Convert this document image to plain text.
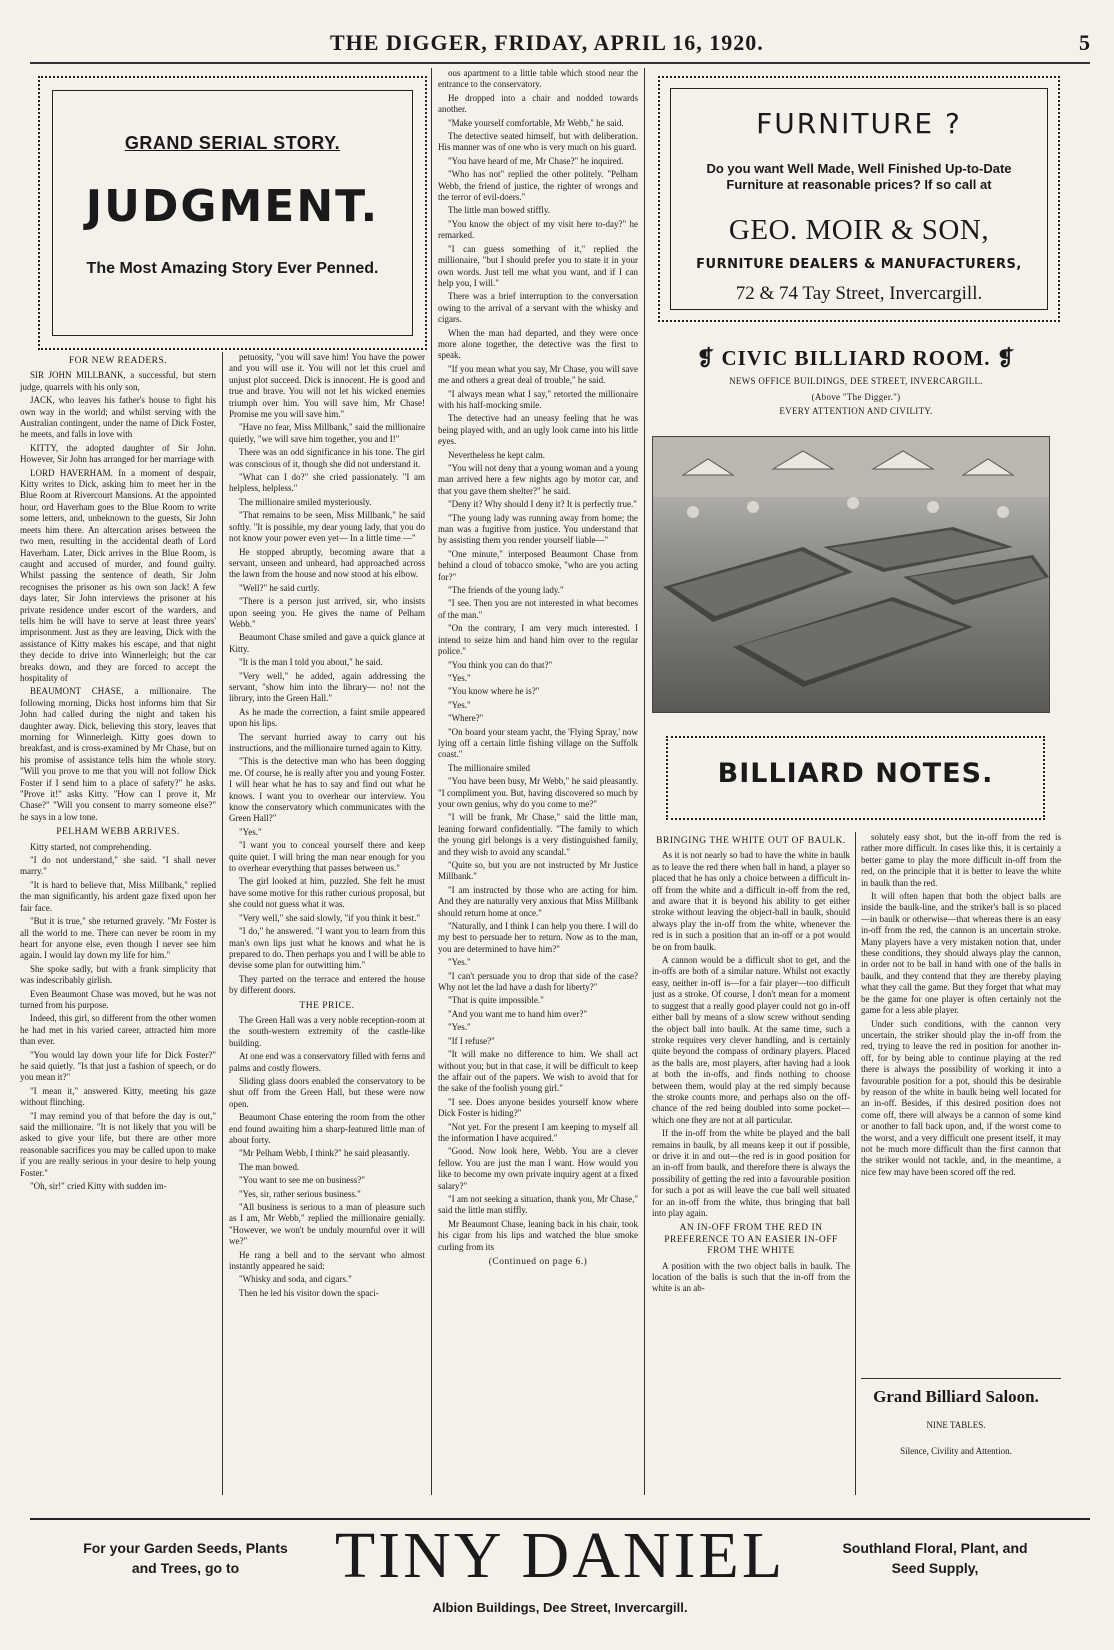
THE DIGGER, FRIDAY, APRIL 16, 1920.	5
GRAND SERIAL STORY.
JUDGMENT.
The Most Amazing Story Ever Penned.
FOR NEW READERS.

SIR JOHN MILLBANK, a successful, but stern judge, quarrels with his only son,

JACK, who leaves his father's house to fight his own way in the world; and whilst serving with the Australian contingent, under the name of Dick Foster, he meets, and falls in love with

KITTY, the adopted daughter of Sir John. However, Sir John has arranged for her marriage with

LORD HAVERHAM. In a moment of despair, Kitty writes to Dick, asking him to meet her in the Blue Room at Rivercourt Mansions. At the appointed hour, ord Haverham goes to the Blue Room to write some letters, and, unbeknown to the guests, Sir John meets him there. An altercation arises between the two men, resulting in the accidental death of Lord Haverham. Later, Dick arrives in the Blue Room, is caught and accused of murder, and found guilty. Whilst passing the sentence of death, Sir John recognises the prisoner as his own son Jack! A few days later, Sir John interviews the prisoner at his private residence under escort of the warders, and tells him he will have to serve at least three years' imprisonment. Just as they are leaving, Dick with the assistance of Kitty makes his escape, and that night they decide to drive into Winnerleigh; but the car breaks down, and they are forced to accept the hospitality of

BEAUMONT CHASE, a millionaire. The following morning, Dicks host informs him that Sir John had called during the night and taken his daughter away. Dick, believing this story, leaves that morning for Winnerleigh. Kitty goes down to breakfast, and is cross-examined by Mr Chase, but on his promise of assistance tells him the whole story. "Will you prove to me that you will not follow Dick Foster if I send him to a place of safety?" he asks. "Prove it!" asks Kitty. "How can I prove it, Mr Chase?" "Will you consent to marry someone else?" he says in a low tone.

PELHAM WEBB ARRIVES.

Kitty started, not comprehending.

"I do not understand," she said. "I shall never marry."

"It is hard to believe that, Miss Millbank," replied the man significantly, his ardent gaze fixed upon her fair face.

"But it is true," she returned gravely. "Mr Foster is all the world to me. There can never be room in my heart for anyone else, even though I never see him again. I would lay down my life for him."

She spoke sadly, but with a frank simplicity that was indescribably girlish.

Even Beaumont Chase was moved, but he was not turned from his purpose.

Indeed, this girl, so different from the other women he had met in his varied career, attracted him more than ever.

"You would lay down your life for Dick Foster?" he said quietly. "Is that just a fashion of speech, or do you mean it?"

"I mean it," answered Kitty, meeting his gaze without flinching.

"I may remind you of that before the day is out," said the millionaire. "It is not likely that you will be asked to give your life, but there are other more reasonable sacrifices you may be called upon to make if you are really serious in your desire to help young Foster."

"Oh, sir!" cried Kitty with sudden im-

petuosity, "you will save him! You have the power and you will use it. You will not let this cruel and unjust plot succeed. Dick is innocent. He is good and true and brave. You will not let his wicked enemies triumph over him. You will save him, Mr Chase! Promise me you will save him."

"Have no fear, Miss Millbank," said the millionaire quietly, "we will save him together, you and I!"

There was an odd significance in his tone. The girl was conscious of it, though she did not understand it.

"What can I do?" she cried passionately. "I am helpless, helpless."

The millionaire smiled mysteriously.

"That remains to be seen, Miss Millbank," he said softly. "It is possible, my dear young lady, that you do not know your power even yet— In a little time —"

He stopped abruptly, becoming aware that a servant, unseen and unheard, had approached across the lawn from the house and now stood at his elbow.

"Well?" he said curtly.

"There is a person just arrived, sir, who insists upon seeing you. He gives the name of Pelham Webb."

Beaumont Chase smiled and gave a quick glance at Kitty.

"It is the man I told you about," he said.

"Very well," he added, again addressing the servant, "show him into the library— no! not the library, into the Green Hall."

As he made the correction, a faint smile appeared upon his lips.

The servant hurried away to carry out his instructions, and the millionaire turned again to Kitty.

"This is the detective man who has been dogging me. Of course, he is really after you and young Foster. I will hear what he has to say and find out what he knows. I want you to overhear our interview. You know the conservatory which communicates with the Green Hall?"

"Yes."

"I want you to conceal yourself there and keep quite quiet. I will bring the man near enough for you to overhear everything that passes between us."

The girl looked at him, puzzled. She felt he must have some motive for this rather curious proposal, but she could not guess what it was.

"Very well," she said slowly, "if you think it best."

"I do," he answered. "I want you to learn from this man's own lips just what he knows and what he is prepared to do. Then perhaps you and I will be able to devise some plan for outwitting him."

They parted on the terrace and entered the house by different doors.

THE PRICE.

The Green Hall was a very noble reception-room at the south-western extremity of the castle-like building.

At one end was a conservatory filled with ferns and palms and costly flowers.

Sliding glass doors enabled the conservatory to be shut off from the Green Hall, but these were now open.

Beaumont Chase entering the room from the other end found awaiting him a sharp-featured little man of about forty.

"Mr Pelham Webb, I think?" he said pleasantly.

The man bowed.

"You want to see me on business?"

"Yes, sir, rather serious business."

"All business is serious to a man of pleasure such as I am, Mr Webb," replied the millionaire genially. "However, we won't be unduly mournful over it will we?"

He rang a bell and to the servant who almost instantly appeared he said:

"Whisky and soda, and cigars."

Then he led his visitor down the spaci-

ous apartment to a little table which stood near the entrance to the conservatory.

He dropped into a chair and nodded towards another.

"Make yourself comfortable, Mr Webb," he said.

The detective seated himself, but with deliberation. His manner was of one who is very much on his guard.

"You have heard of me, Mr Chase?" he inquired.

"Who has not" replied the other politely. "Pelham Webb, the friend of justice, the righter of wrongs and the terror of evil-doers."

The little man bowed stiffly.

"You know the object of my visit here to-day?" he remarked.

"I can guess something of it," replied the millionaire, "but I should prefer you to state it in your own words. Just tell me what you want, and if I can help you, I will."

There was a brief interruption to the conversation owing to the arrival of a servant with the whisky and cigars.

When the man had departed, and they were once more alone together, the detective was the first to speak.

"If you mean what you say, Mr Chase, you will save me and others a great deal of trouble," he said.

"I always mean what I say," retorted the millionaire with his half-mocking smile.

The detective had an uneasy feeling that he was being played with, and an ugly look came into his little eyes.

Nevertheless he kept calm.

"You will not deny that a young woman and a young man arrived here a few nights ago by motor car, and that you gave them shelter?" he said.

"Deny it? Why should I deny it? It is perfectly true."

"The young lady was running away from home; the man was a fugitive from justice. You understand that by assisting them you render yourself liable—"

"One minute," interposed Beaumont Chase from behind a cloud of tobacco smoke, "who are you acting for?"

"The friends of the young lady."

"I see. Then you are not interested in what becomes of the man."

"On the contrary, I am very much interested. I intend to seize him and hand him over to the regular police."

"You think you can do that?"

"Yes."

"You know where he is?"

"Yes."

"Where?"

"On board your steam yacht, the 'Flying Spray,' now lying off a certain little fishing village on the Suffolk coast."

The millionaire smiled

"You have been busy, Mr Webb," he said pleasantly. "I compliment you. But, having discovered so much by your own genius, why do you come to me?"

"I will be frank, Mr Chase," said the little man, leaning forward confidentially. "The family to which the young girl belongs is a very distinguished family, and they wish to avoid any scandal."

"Quite so, but you are not instructed by Mr Justice Millbank."

"I am instructed by those who are acting for him. And they are naturally very anxious that Miss Millbank should return home at once."

"Naturally, and I think I can help you there. I will do my best to persuade her to return. Now as to the man, you are determined to have him?"

"Yes."

"I can't persuade you to drop that side of the case? Why not let the lad have a dash for liberty?"

"That is quite impossible."

"And you want me to hand him over?"

"Yes."

"If I refuse?"

"It will make no difference to him. We shall act without you; but in that case, it will be difficult to keep the affair out of the papers. We wish to avoid that for the sake of the foolish young girl."

"I see. Does anyone besides yourself know where Dick Foster is hiding?"

"Not yet. For the present I am keeping to myself all the information I have acquired."

"Good. Now look here, Webb. You are a clever fellow. You are just the man I want. How would you like to become my own private inquiry agent at a fixed salary?"

"I am not seeking a situation, thank you, Mr Chase," said the little man stiffly.

Mr Beaumont Chase, leaning back in his chair, took his cigar from his lips and watched the blue smoke curling from its

(Continued on page 6.)
FURNITURE ?
Do you want Well Made, Well Finished Up-to-Date Furniture at reasonable prices? If so call at
GEO. MOIR & SON,
FURNITURE DEALERS & MANUFACTURERS,
72 & 74 Tay Street, Invercargill.
❡ CIVIC BILLIARD ROOM. ❡
NEWS OFFICE BUILDINGS, DEE STREET, INVERCARGILL.
(Above "The Digger.")
EVERY ATTENTION AND CIVILITY.
BILLIARD NOTES.
BRINGING THE WHITE OUT OF BAULK.

As it is not nearly so bad to have the white in baulk as to leave the red there when ball in hand, a player so placed that he has only a choice between a difficult in-off from the white and a difficult in-off from the red, and aware that it is beyond his ability to get either stroke without leaving the object-ball in baulk, should always play the in-off from the white, whenever the red is in such a position that an in-off or a pot would be on from baulk.

A cannon would be a difficult shot to get, and the in-offs are both of a similar nature. Whilst not exactly easy, neither in-off is—for a fair player—too difficult just as a stroke. Of course, I don't mean for a moment to suggest that a really good player could not go in-off either ball by means of a slow screw without sending the object ball into baulk. At the same time, such a stroke requires very clever handling, and is certainly quite beyond the compass of ordinary players. Placed as the balls are, most players, after having had a look at both the in-offs, and finds nothing to choose between them, would play at the red simply because the stroke counts more, and perhaps also on the off-chance of the red being doubled into some pocket—which one they are not at all particular.

If the in-off from the white be played and the ball remains in baulk, by all means keep it out if possible, or drive it in and out—the red is in good position for an in-off from baulk, and therefore there is always the possibility of getting the red into a favourable position for such a pot as will leave the cue ball well situated for an in-off from the white, thus bringing that ball into play again.

AN IN-OFF FROM THE RED IN PREFERENCE TO AN EASIER IN-OFF FROM THE WHITE

A position with the two object balls in baulk. The location of the balls is such that the in-off from the white is an ab-

solutely easy shot, but the in-off from the red is rather more difficult. In cases like this, it is certainly a better game to play the more difficult in-off from the red, on the principle that it is better to leave the white in baulk than the red.

It will often hapen that both the object balls are inside the baulk-line, and the striker's ball is so placed—in baulk or otherwise—that whereas there is an easy in-off from the red, the cannon is an uncertain stroke. Many players have a very mistaken notion that, under these conditions, they should always play the cannon, in order not to be ball in hand with one of the balls in baulk, and they contend that they are thereby playing what they call the game. But they forget that what may be the game for one player is often certainly not the game for a less able player.

Under such conditions, with the cannon very uncertain, the striker should play the in-off from the red, trying to leave the red in position for another in-off, for by being able to continue playing at the red there is always the possibility of working it into a favourable position for a pot, should this be desirable by reason of the white in baulk being well located for an in-off. Besides, if this desired position does not come off, there will always be a cannon of some kind or another to fall back upon, and, if the worst come to the worst, and a very difficult one present itself, it may not be much more difficult than the first cannon that the striker would not tackle, and, in the meantime, a nice few may have been scored off the red.

Grand Billiard Saloon.
NINE TABLES.
Silence, Civility and Attention.
For your Garden Seeds, Plants and Trees, go to	TINY DANIEL	Southland Floral, Plant, and Seed Supply,
Albion Buildings, Dee Street, Invercargill.
